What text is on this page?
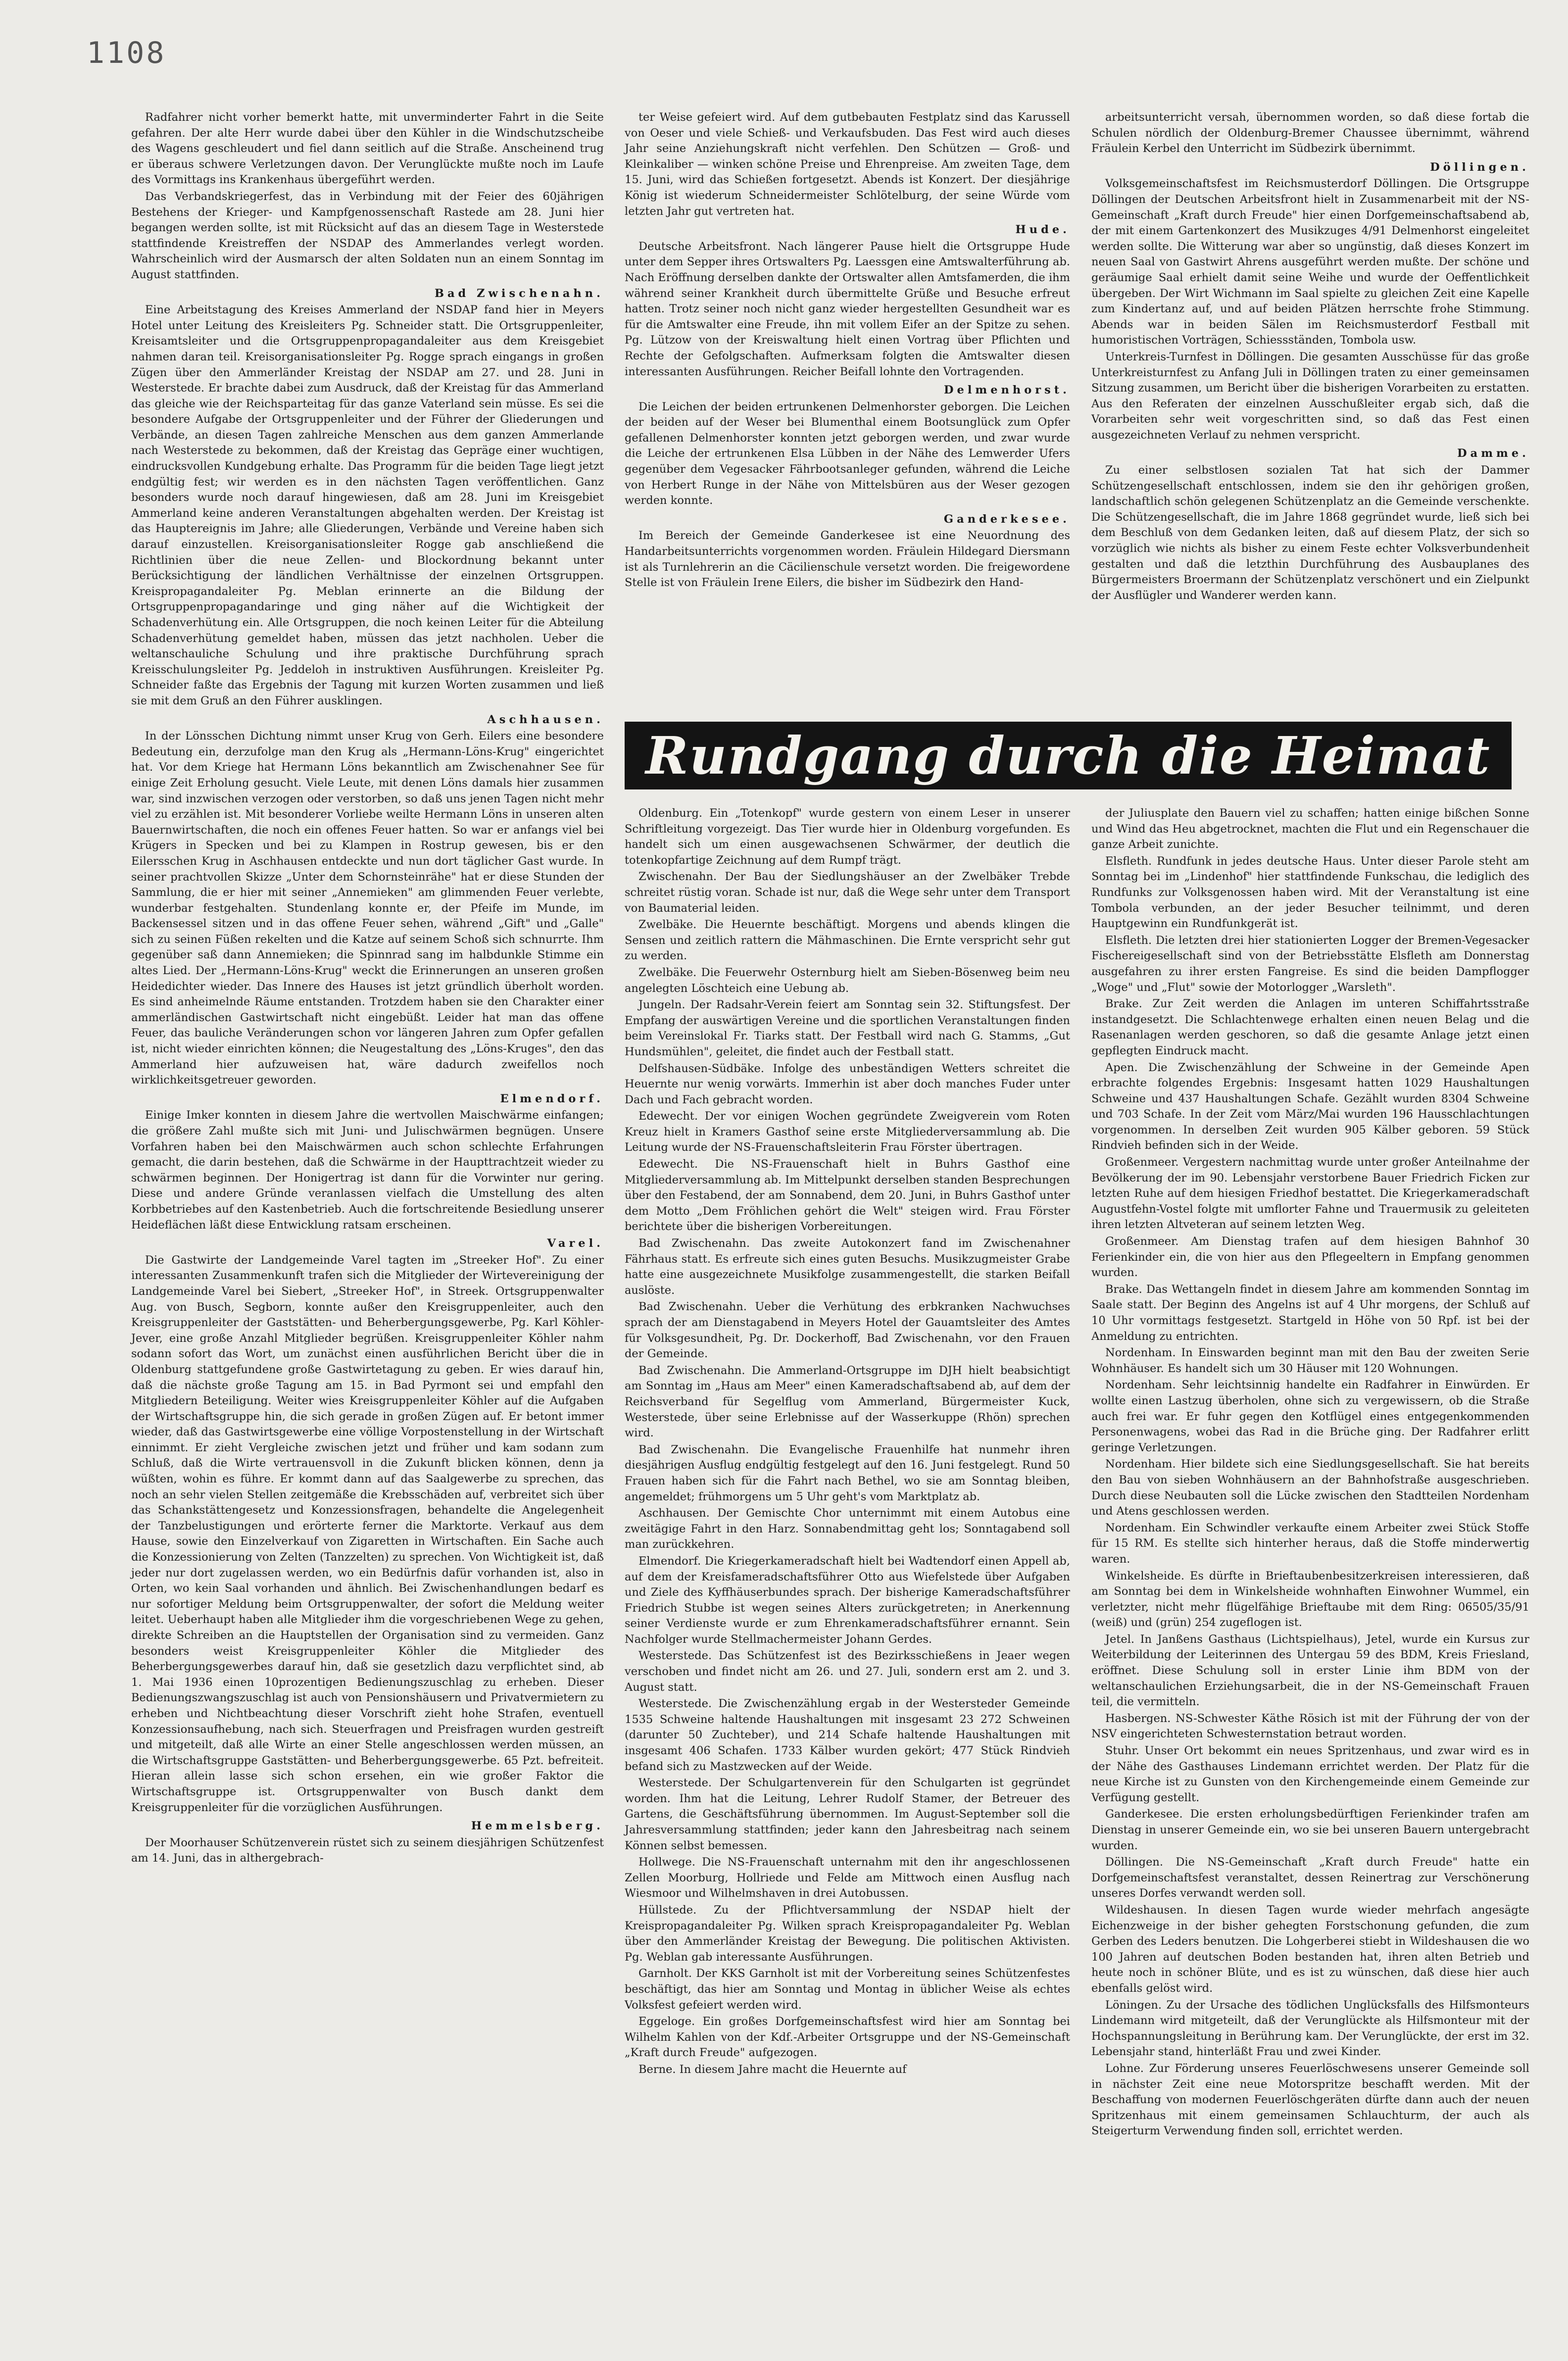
1108

Radfahrer nicht vorher bemerkt hatte, mit unverminderter Fahrt in die Seite gefahren. Der alte Herr wurde dabei über den Kühler in die Windschutzscheibe des Wagens geschleudert und fiel dann seitlich auf die Straße. Anscheinend trug er überaus schwere Verletzungen davon. Der Verunglückte mußte noch im Laufe des Vormittags ins Krankenhaus übergeführt werden.

Das Verbandskriegerfest, das in Verbindung mit der Feier des 60jährigen Bestehens der Krieger- und Kampfgenossenschaft Rastede am 28. Juni hier begangen werden sollte, ist mit Rücksicht auf das an diesem Tage in Westerstede stattfindende Kreistreffen der NSDAP des Ammerlandes verlegt worden. Wahrscheinlich wird der Ausmarsch der alten Soldaten nun an einem Sonntag im August stattfinden.

Bad Zwischenahn.

Eine Arbeitstagung des Kreises Ammerland der NSDAP fand hier in Meyers Hotel unter Leitung des Kreisleiters Pg. Schneider statt. Die Ortsgruppenleiter, Kreisamtsleiter und die Ortsgruppenpropagandaleiter aus dem Kreisgebiet nahmen daran teil. Kreisorganisationsleiter Pg. Rogge sprach eingangs in großen Zügen über den Ammerländer Kreistag der NSDAP am 27. und 28. Juni in Westerstede. Er brachte dabei zum Ausdruck, daß der Kreistag für das Ammerland das gleiche wie der Reichsparteitag für das ganze Vaterland sein müsse. Es sei die besondere Aufgabe der Ortsgruppenleiter und der Führer der Gliederungen und Verbände, an diesen Tagen zahlreiche Menschen aus dem ganzen Ammerlande nach Westerstede zu bekommen, daß der Kreistag das Gepräge einer wuchtigen, eindrucksvollen Kundgebung erhalte. Das Programm für die beiden Tage liegt jetzt endgültig fest; wir werden es in den nächsten Tagen veröffentlichen. Ganz besonders wurde noch darauf hingewiesen, daß am 28. Juni im Kreisgebiet Ammerland keine anderen Veranstaltungen abgehalten werden. Der Kreistag ist das Hauptereignis im Jahre; alle Gliederungen, Verbände und Vereine haben sich darauf einzustellen. Kreisorganisationsleiter Rogge gab anschließend die Richtlinien über die neue Zellen- und Blockordnung bekannt unter Berücksichtigung der ländlichen Verhältnisse der einzelnen Ortsgruppen. Kreispropagandaleiter Pg. Meblan erinnerte an die Bildung der Ortsgruppenpropagandaringe und ging näher auf die Wichtigkeit der Schadenverhütung ein. Alle Ortsgruppen, die noch keinen Leiter für die Abteilung Schadenverhütung gemeldet haben, müssen das jetzt nachholen. Ueber die weltanschauliche Schulung und ihre praktische Durchführung sprach Kreisschulungsleiter Pg. Jeddeloh in instruktiven Ausführungen. Kreisleiter Pg. Schneider faßte das Ergebnis der Tagung mit kurzen Worten zusammen und ließ sie mit dem Gruß an den Führer ausklingen.

Aschhausen.

In der Lönsschen Dichtung nimmt unser Krug von Gerh. Eilers eine besondere Bedeutung ein, derzufolge man den Krug als „Hermann-Löns-Krug" eingerichtet hat. Vor dem Kriege hat Hermann Löns bekanntlich am Zwischenahner See für einige Zeit Erholung gesucht. Viele Leute, mit denen Löns damals hier zusammen war, sind inzwischen verzogen oder verstorben, so daß uns jenen Tagen nicht mehr viel zu erzählen ist. Mit besonderer Vorliebe weilte Hermann Löns in unseren alten Bauernwirtschaften, die noch ein offenes Feuer hatten. So war er anfangs viel bei Krügers in Specken und bei zu Klampen in Rostrup gewesen, bis er den Eilersschen Krug in Aschhausen entdeckte und nun dort täglicher Gast wurde. In seiner prachtvollen Skizze „Unter dem Schornsteinrähe" hat er diese Stunden der Sammlung, die er hier mit seiner „Annemieken" am glimmenden Feuer verlebte, wunderbar festgehalten. Stundenlang konnte er, der Pfeife im Munde, im Backensessel sitzen und in das offene Feuer sehen, während „Gift" und „Galle" sich zu seinen Füßen rekelten und die Katze auf seinem Schoß sich schnurrte. Ihm gegenüber saß dann Annemieken; die Spinnrad sang im halbdunkle Stimme ein altes Lied. Der „Hermann-Löns-Krug" weckt die Erinnerungen an unseren großen Heidedichter wieder. Das Innere des Hauses ist jetzt gründlich überholt worden. Es sind anheimelnde Räume entstanden. Trotzdem haben sie den Charakter einer ammerländischen Gastwirtschaft nicht eingebüßt. Leider hat man das offene Feuer, das bauliche Veränderungen schon vor längeren Jahren zum Opfer gefallen ist, nicht wieder einrichten können; die Neugestaltung des „Löns-Kruges", den das Ammerland hier aufzuweisen hat, wäre dadurch zweifellos noch wirklichkeitsgetreuer geworden.

Elmendorf.

Einige Imker konnten in diesem Jahre die wertvollen Maischwärme einfangen; die größere Zahl mußte sich mit Juni- und Julischwärmen begnügen. Unsere Vorfahren haben bei den Maischwärmen auch schon schlechte Erfahrungen gemacht, die darin bestehen, daß die Schwärme in der Haupttrachtzeit wieder zu schwärmen beginnen. Der Honigertrag ist dann für die Vorwinter nur gering. Diese und andere Gründe veranlassen vielfach die Umstellung des alten Korbbetriebes auf den Kastenbetrieb. Auch die fortschreitende Besiedlung unserer Heideflächen läßt diese Entwicklung ratsam erscheinen.

Varel.

Die Gastwirte der Landgemeinde Varel tagten im „Streeker Hof". Zu einer interessanten Zusammenkunft trafen sich die Mitglieder der Wirtevereinigung der Landgemeinde Varel bei Siebert, „Streeker Hof", in Streek. Ortsgruppenwalter Aug. von Busch, Segborn, konnte außer den Kreisgruppenleiter, auch den Kreisgruppenleiter der Gaststätten- und Beherbergungsgewerbe, Pg. Karl Köhler-Jever, eine große Anzahl Mitglieder begrüßen. Kreisgruppenleiter Köhler nahm sodann sofort das Wort, um zunächst einen ausführlichen Bericht über die in Oldenburg stattgefundene große Gastwirtetagung zu geben. Er wies darauf hin, daß die nächste große Tagung am 15. in Bad Pyrmont sei und empfahl den Mitgliedern Beteiligung. Weiter wies Kreisgruppenleiter Köhler auf die Aufgaben der Wirtschaftsgruppe hin, die sich gerade in großen Zügen auf. Er betont immer wieder, daß das Gastwirtsgewerbe eine völlige Vorpostenstellung in der Wirtschaft einnimmt. Er zieht Vergleiche zwischen jetzt und früher und kam sodann zum Schluß, daß die Wirte vertrauensvoll in die Zukunft blicken können, denn ja wüßten, wohin es führe. Er kommt dann auf das Saalgewerbe zu sprechen, das noch an sehr vielen Stellen zeitgemäße die Krebsschäden auf, verbreitet sich über das Schankstättengesetz und Konzessionsfragen, behandelte die Angelegenheit der Tanzbelustigungen und erörterte ferner die Marktorte. Verkauf aus dem Hause, sowie den Einzelverkauf von Zigaretten in Wirtschaften. Ein Sache auch die Konzessionierung von Zelten (Tanzzelten) zu sprechen. Von Wichtigkeit ist, daß jeder nur dort zugelassen werden, wo ein Bedürfnis dafür vorhanden ist, also in Orten, wo kein Saal vorhanden und ähnlich. Bei Zwischenhandlungen bedarf es nur sofortiger Meldung beim Ortsgruppenwalter, der sofort die Meldung weiter leitet. Ueberhaupt haben alle Mitglieder ihm die vorgeschriebenen Wege zu gehen, direkte Schreiben an die Hauptstellen der Organisation sind zu vermeiden. Ganz besonders weist Kreisgruppenleiter Köhler die Mitglieder des Beherbergungsgewerbes darauf hin, daß sie gesetzlich dazu verpflichtet sind, ab 1. Mai 1936 einen 10prozentigen Bedienungszuschlag zu erheben. Dieser Bedienungszwangszuschlag ist auch von Pensionshäusern und Privatvermietern zu erheben und Nichtbeachtung dieser Vorschrift zieht hohe Strafen, eventuell Konzessionsaufhebung, nach sich. Steuerfragen und Preisfragen wurden gestreift und mitgeteilt, daß alle Wirte an einer Stelle angeschlossen werden müssen, an die Wirtschaftsgruppe Gaststätten- und Beherbergungsgewerbe. 65 Pzt. befreiteit. Hieran allein lasse sich schon ersehen, ein wie großer Faktor die Wirtschaftsgruppe ist. Ortsgruppenwalter von Busch dankt dem Kreisgruppenleiter für die vorzüglichen Ausführungen.

Hemmelsberg.

Der Moorhauser Schützenverein rüstet sich zu seinem diesjährigen Schützenfest am 14. Juni, das in althergebrach-

ter Weise gefeiert wird. Auf dem gutbebauten Festplatz sind das Karussell von Oeser und viele Schieß- und Verkaufsbuden. Das Fest wird auch dieses Jahr seine Anziehungskraft nicht verfehlen. Den Schützen — Groß- und Kleinkaliber — winken schöne Preise und Ehrenpreise. Am zweiten Tage, dem 15. Juni, wird das Schießen fortgesetzt. Abends ist Konzert. Der diesjährige König ist wiederum Schneidermeister Schlötelburg, der seine Würde vom letzten Jahr gut vertreten hat.

Hude.

Deutsche Arbeitsfront. Nach längerer Pause hielt die Ortsgruppe Hude unter dem Sepper ihres Ortswalters Pg. Laessgen eine Amtswalterführung ab. Nach Eröffnung derselben dankte der Ortswalter allen Amtsfamerden, die ihm während seiner Krankheit durch übermittelte Grüße und Besuche erfreut hatten. Trotz seiner noch nicht ganz wieder hergestellten Gesundheit war es für die Amtswalter eine Freude, ihn mit vollem Eifer an der Spitze zu sehen. Pg. Lützow von der Kreiswaltung hielt einen Vortrag über Pflichten und Rechte der Gefolgschaften. Aufmerksam folgten die Amtswalter diesen interessanten Ausführungen. Reicher Beifall lohnte den Vortragenden.

Delmenhorst.

Die Leichen der beiden ertrunkenen Delmenhorster geborgen. Die Leichen der beiden auf der Weser bei Blumenthal einem Bootsunglück zum Opfer gefallenen Delmenhorster konnten jetzt geborgen werden, und zwar wurde die Leiche der ertrunkenen Elsa Lübben in der Nähe des Lemwerder Ufers gegenüber dem Vegesacker Fährbootsanleger gefunden, während die Leiche von Herbert Runge in der Nähe von Mittelsbüren aus der Weser gezogen werden konnte.

Ganderkesee.

Im Bereich der Gemeinde Ganderkesee ist eine Neuordnung des Handarbeitsunterrichts vorgenommen worden. Fräulein Hildegard Diersmann ist als Turnlehrerin an die Cäcilienschule versetzt worden. Die freigewordene Stelle ist von Fräulein Irene Eilers, die bisher im Südbezirk den Hand-

arbeitsunterricht versah, übernommen worden, so daß diese fortab die Schulen nördlich der Oldenburg-Bremer Chaussee übernimmt, während Fräulein Kerbel den Unterricht im Südbezirk übernimmt.

Döllingen.

Volksgemeinschaftsfest im Reichsmusterdorf Döllingen. Die Ortsgruppe Döllingen der Deutschen Arbeitsfront hielt in Zusammenarbeit mit der NS-Gemeinschaft „Kraft durch Freude" hier einen Dorfgemeinschaftsabend ab, der mit einem Gartenkonzert des Musikzuges 4/91 Delmenhorst eingeleitet werden sollte. Die Witterung war aber so ungünstig, daß dieses Konzert im neuen Saal von Gastwirt Ahrens ausgeführt werden mußte. Der schöne und geräumige Saal erhielt damit seine Weihe und wurde der Oeffentlichkeit übergeben. Der Wirt Wichmann im Saal spielte zu gleichen Zeit eine Kapelle zum Kindertanz auf, und auf beiden Plätzen herrschte frohe Stimmung. Abends war in beiden Sälen im Reichsmusterdorf Festball mit humoristischen Vorträgen, Schiessständen, Tombola usw.

Unterkreis-Turnfest in Döllingen. Die gesamten Ausschüsse für das große Unterkreisturnfest zu Anfang Juli in Döllingen traten zu einer gemeinsamen Sitzung zusammen, um Bericht über die bisherigen Vorarbeiten zu erstatten. Aus den Referaten der einzelnen Ausschußleiter ergab sich, daß die Vorarbeiten sehr weit vorgeschritten sind, so daß das Fest einen ausgezeichneten Verlauf zu nehmen verspricht.

Damme.

Zu einer selbstlosen sozialen Tat hat sich der Dammer Schützengesellschaft entschlossen, indem sie den ihr gehörigen großen, landschaftlich schön gelegenen Schützenplatz an die Gemeinde verschenkte. Die Schützengesellschaft, die im Jahre 1868 gegründet wurde, ließ sich bei dem Beschluß von dem Gedanken leiten, daß auf diesem Platz, der sich so vorzüglich wie nichts als bisher zu einem Feste echter Volksverbundenheit gestalten und daß die letzthin Durchführung des Ausbauplanes des Bürgermeisters Broermann der Schützenplatz verschönert und ein Zielpunkt der Ausflügler und Wanderer werden kann.

Rundgang durch die Heimat

Oldenburg. Ein „Totenkopf" wurde gestern von einem Leser in unserer Schriftleitung vorgezeigt. Das Tier wurde hier in Oldenburg vorgefunden. Es handelt sich um einen ausgewachsenen Schwärmer, der deutlich die totenkopfartige Zeichnung auf dem Rumpf trägt.

Zwischenahn. Der Bau der Siedlungshäuser an der Zwelbäker Trebde schreitet rüstig voran. Schade ist nur, daß die Wege sehr unter dem Transport von Baumaterial leiden.

Zwelbäke. Die Heuernte beschäftigt. Morgens und abends klingen die Sensen und zeitlich rattern die Mähmaschinen. Die Ernte verspricht sehr gut zu werden.

Zwelbäke. Die Feuerwehr Osternburg hielt am Sieben-Bösenweg beim neu angelegten Löschteich eine Uebung ab.

Jungeln. Der Radsahr-Verein feiert am Sonntag sein 32. Stiftungsfest. Der Empfang der auswärtigen Vereine und die sportlichen Veranstaltungen finden beim Vereinslokal Fr. Tiarks statt. Der Festball wird nach G. Stamms, „Gut Hundsmühlen", geleitet, die findet auch der Festball statt.

Delfshausen-Südbäke. Infolge des unbeständigen Wetters schreitet die Heuernte nur wenig vorwärts. Immerhin ist aber doch manches Fuder unter Dach und Fach gebracht worden.

Edewecht. Der vor einigen Wochen gegründete Zweigverein vom Roten Kreuz hielt in Kramers Gasthof seine erste Mitgliederversammlung ab. Die Leitung wurde der NS-Frauenschaftsleiterin Frau Förster übertragen.

Edewecht. Die NS-Frauenschaft hielt in Buhrs Gasthof eine Mitgliederversammlung ab. Im Mittelpunkt derselben standen Besprechungen über den Festabend, der am Sonnabend, dem 20. Juni, in Buhrs Gasthof unter dem Motto „Dem Fröhlichen gehört die Welt" steigen wird. Frau Förster berichtete über die bisherigen Vorbereitungen.

Bad Zwischenahn. Das zweite Autokonzert fand im Zwischenahner Fährhaus statt. Es erfreute sich eines guten Besuchs. Musikzugmeister Grabe hatte eine ausgezeichnete Musikfolge zusammengestellt, die starken Beifall auslöste.

Bad Zwischenahn. Ueber die Verhütung des erbkranken Nachwuchses sprach der am Dienstagabend in Meyers Hotel der Gauamtsleiter des Amtes für Volksgesundheit, Pg. Dr. Dockerhoff, Bad Zwischenahn, vor den Frauen der Gemeinde.

Bad Zwischenahn. Die Ammerland-Ortsgruppe im DJH hielt beabsichtigt am Sonntag im „Haus am Meer" einen Kameradschaftsabend ab, auf dem der Reichsverband für Segelflug vom Ammerland, Bürgermeister Kuck, Westerstede, über seine Erlebnisse auf der Wasserkuppe (Rhön) sprechen wird.

Bad Zwischenahn. Die Evangelische Frauenhilfe hat nunmehr ihren diesjährigen Ausflug endgültig festgelegt auf den 16. Juni festgelegt. Rund 50 Frauen haben sich für die Fahrt nach Bethel, wo sie am Sonntag bleiben, angemeldet; frühmorgens um 5 Uhr geht's vom Marktplatz ab.

Aschhausen. Der Gemischte Chor unternimmt mit einem Autobus eine zweitägige Fahrt in den Harz. Sonnabendmittag geht los; Sonntagabend soll man zurückkehren.

Elmendorf. Die Kriegerkameradschaft hielt bei Wadtendorf einen Appell ab, auf dem der Kreisfameradschaftsführer Otto aus Wiefelstede über Aufgaben und Ziele des Kyffhäuserbundes sprach. Der bisherige Kameradschaftsführer Friedrich Stubbe ist wegen seines Alters zurückgetreten; in Anerkennung seiner Verdienste wurde er zum Ehrenkameradschaftsführer ernannt. Sein Nachfolger wurde Stellmachermeister Johann Gerdes.

Westerstede. Das Schützenfest ist des Bezirksschießens in Jeaer wegen verschoben und findet nicht am 26. und 27. Juli, sondern erst am 2. und 3. August statt.

Westerstede. Die Zwischenzählung ergab in der Westersteder Gemeinde 1535 Schweine haltende Haushaltungen mit insgesamt 23 272 Schweinen (darunter 50 Zuchteber), und 214 Schafe haltende Haushaltungen mit insgesamt 406 Schafen. 1733 Kälber wurden gekört; 477 Stück Rindvieh befand sich zu Mastzwecken auf der Weide.

Westerstede. Der Schulgartenverein für den Schulgarten ist gegründet worden. Ihm hat die Leitung, Lehrer Rudolf Stamer, der Betreuer des Gartens, die Geschäftsführung übernommen. Im August-September soll die Jahresversammlung stattfinden; jeder kann den Jahresbeitrag nach seinem Können selbst bemessen.

Hollwege. Die NS-Frauenschaft unternahm mit den ihr angeschlossenen Zellen Moorburg, Hollriede und Felde am Mittwoch einen Ausflug nach Wiesmoor und Wilhelmshaven in drei Autobussen.

Hüllstede. Zu der Pflichtversammlung der NSDAP hielt der Kreispropagandaleiter Pg. Wilken sprach Kreispropagandaleiter Pg. Weblan über den Ammerländer Kreistag der Bewegung. Die politischen Aktivisten. Pg. Weblan gab interessante Ausführungen.

Garnholt. Der KKS Garnholt ist mit der Vorbereitung seines Schützenfestes beschäftigt, das hier am Sonntag und Montag in üblicher Weise als echtes Volksfest gefeiert werden wird.

Eggeloge. Ein großes Dorfgemeinschaftsfest wird hier am Sonntag bei Wilhelm Kahlen von der Kdf.-Arbeiter Ortsgruppe und der NS-Gemeinschaft „Kraft durch Freude" aufgezogen.

Berne. In diesem Jahre macht die Heuernte auf

der Juliusplate den Bauern viel zu schaffen; hatten einige bißchen Sonne und Wind das Heu abgetrocknet, machten die Flut und ein Regenschauer die ganze Arbeit zunichte.

Elsfleth. Rundfunk in jedes deutsche Haus. Unter dieser Parole steht am Sonntag bei im „Lindenhof" hier stattfindende Funkschau, die lediglich des Rundfunks zur Volksgenossen haben wird. Mit der Veranstaltung ist eine Tombola verbunden, an der jeder Besucher teilnimmt, und deren Hauptgewinn ein Rundfunkgerät ist.

Elsfleth. Die letzten drei hier stationierten Logger der Bremen-Vegesacker Fischereigesellschaft sind von der Betriebsstätte Elsfleth am Donnerstag ausgefahren zu ihrer ersten Fangreise. Es sind die beiden Dampflogger „Woge" und „Flut" sowie der Motorlogger „Warsleth".

Brake. Zur Zeit werden die Anlagen im unteren Schiffahrtsstraße instandgesetzt. Die Schlachtenwege erhalten einen neuen Belag und die Rasenanlagen werden geschoren, so daß die gesamte Anlage jetzt einen gepflegten Eindruck macht.

Apen. Die Zwischenzählung der Schweine in der Gemeinde Apen erbrachte folgendes Ergebnis: Insgesamt hatten 1029 Haushaltungen Schweine und 437 Haushaltungen Schafe. Gezählt wurden 8304 Schweine und 703 Schafe. In der Zeit vom März/Mai wurden 196 Hausschlachtungen vorgenommen. In derselben Zeit wurden 905 Kälber geboren. 59 Stück Rindvieh befinden sich in der Weide.

Großenmeer. Vergestern nachmittag wurde unter großer Anteilnahme der Bevölkerung der im 90. Lebensjahr verstorbene Bauer Friedrich Ficken zur letzten Ruhe auf dem hiesigen Friedhof bestattet. Die Kriegerkameradschaft Augustfehn-Vostel folgte mit umflorter Fahne und Trauermusik zu geleiteten ihren letzten Altveteran auf seinem letzten Weg.

Großenmeer. Am Dienstag trafen auf dem hiesigen Bahnhof 30 Ferienkinder ein, die von hier aus den Pflegeeltern in Empfang genommen wurden.

Brake. Das Wettangeln findet in diesem Jahre am kommenden Sonntag im Saale statt. Der Beginn des Angelns ist auf 4 Uhr morgens, der Schluß auf 10 Uhr vormittags festgesetzt. Startgeld in Höhe von 50 Rpf. ist bei der Anmeldung zu entrichten.

Nordenham. In Einswarden beginnt man mit den Bau der zweiten Serie Wohnhäuser. Es handelt sich um 30 Häuser mit 120 Wohnungen.

Nordenham. Sehr leichtsinnig handelte ein Radfahrer in Einwürden. Er wollte einen Lastzug überholen, ohne sich zu vergewissern, ob die Straße auch frei war. Er fuhr gegen den Kotflügel eines entgegenkommenden Personenwagens, wobei das Rad in die Brüche ging. Der Radfahrer erlitt geringe Verletzungen.

Nordenham. Hier bildete sich eine Siedlungsgesellschaft. Sie hat bereits den Bau von sieben Wohnhäusern an der Bahnhofstraße ausgeschrieben. Durch diese Neubauten soll die Lücke zwischen den Stadtteilen Nordenham und Atens geschlossen werden.

Nordenham. Ein Schwindler verkaufte einem Arbeiter zwei Stück Stoffe für 15 RM. Es stellte sich hinterher heraus, daß die Stoffe minderwertig waren.

Winkelsheide. Es dürfte in Brieftaubenbesitzerkreisen interessieren, daß am Sonntag bei dem in Winkelsheide wohnhaften Einwohner Wummel, ein verletzter, nicht mehr flügelfähige Brieftaube mit dem Ring: 06505/35/91 (weiß) und (grün) 254 zugeflogen ist.

Jetel. In Janßens Gasthaus (Lichtspielhaus), Jetel, wurde ein Kursus zur Weiterbildung der Leiterinnen des Untergau 59 des BDM, Kreis Friesland, eröffnet. Diese Schulung soll in erster Linie ihm BDM von der weltanschaulichen Erziehungsarbeit, die in der NS-Gemeinschaft Frauen teil, die vermitteln.

Hasbergen. NS-Schwester Käthe Rösich ist mit der Führung der von der NSV eingerichteten Schwesternstation betraut worden.

Stuhr. Unser Ort bekommt ein neues Spritzenhaus, und zwar wird es in der Nähe des Gasthauses Lindemann errichtet werden. Der Platz für die neue Kirche ist zu Gunsten von den Kirchengemeinde einem Gemeinde zur Verfügung gestellt.

Ganderkesee. Die ersten erholungsbedürftigen Ferienkinder trafen am Dienstag in unserer Gemeinde ein, wo sie bei unseren Bauern untergebracht wurden.

Döllingen. Die NS-Gemeinschaft „Kraft durch Freude" hatte ein Dorfgemeinschaftsfest veranstaltet, dessen Reinertrag zur Verschönerung unseres Dorfes verwandt werden soll.

Wildeshausen. In diesen Tagen wurde wieder mehrfach angesägte Eichenzweige in der bisher gehegten Forstschonung gefunden, die zum Gerben des Leders benutzen. Die Lohgerberei stiebt in Wildeshausen die wo 100 Jahren auf deutschen Boden bestanden hat, ihren alten Betrieb und heute noch in schöner Blüte, und es ist zu wünschen, daß diese hier auch ebenfalls gelöst wird.

Löningen. Zu der Ursache des tödlichen Unglücksfalls des Hilfsmonteurs Lindemann wird mitgeteilt, daß der Verunglückte als Hilfsmonteur mit der Hochspannungsleitung in Berührung kam. Der Verunglückte, der erst im 32. Lebensjahr stand, hinterläßt Frau und zwei Kinder.

Lohne. Zur Förderung unseres Feuerlöschwesens unserer Gemeinde soll in nächster Zeit eine neue Motorspritze beschafft werden. Mit der Beschaffung von modernen Feuerlöschgeräten dürfte dann auch der neuen Spritzenhaus mit einem gemeinsamen Schlauchturm, der auch als Steigerturm Verwendung finden soll, errichtet werden.
